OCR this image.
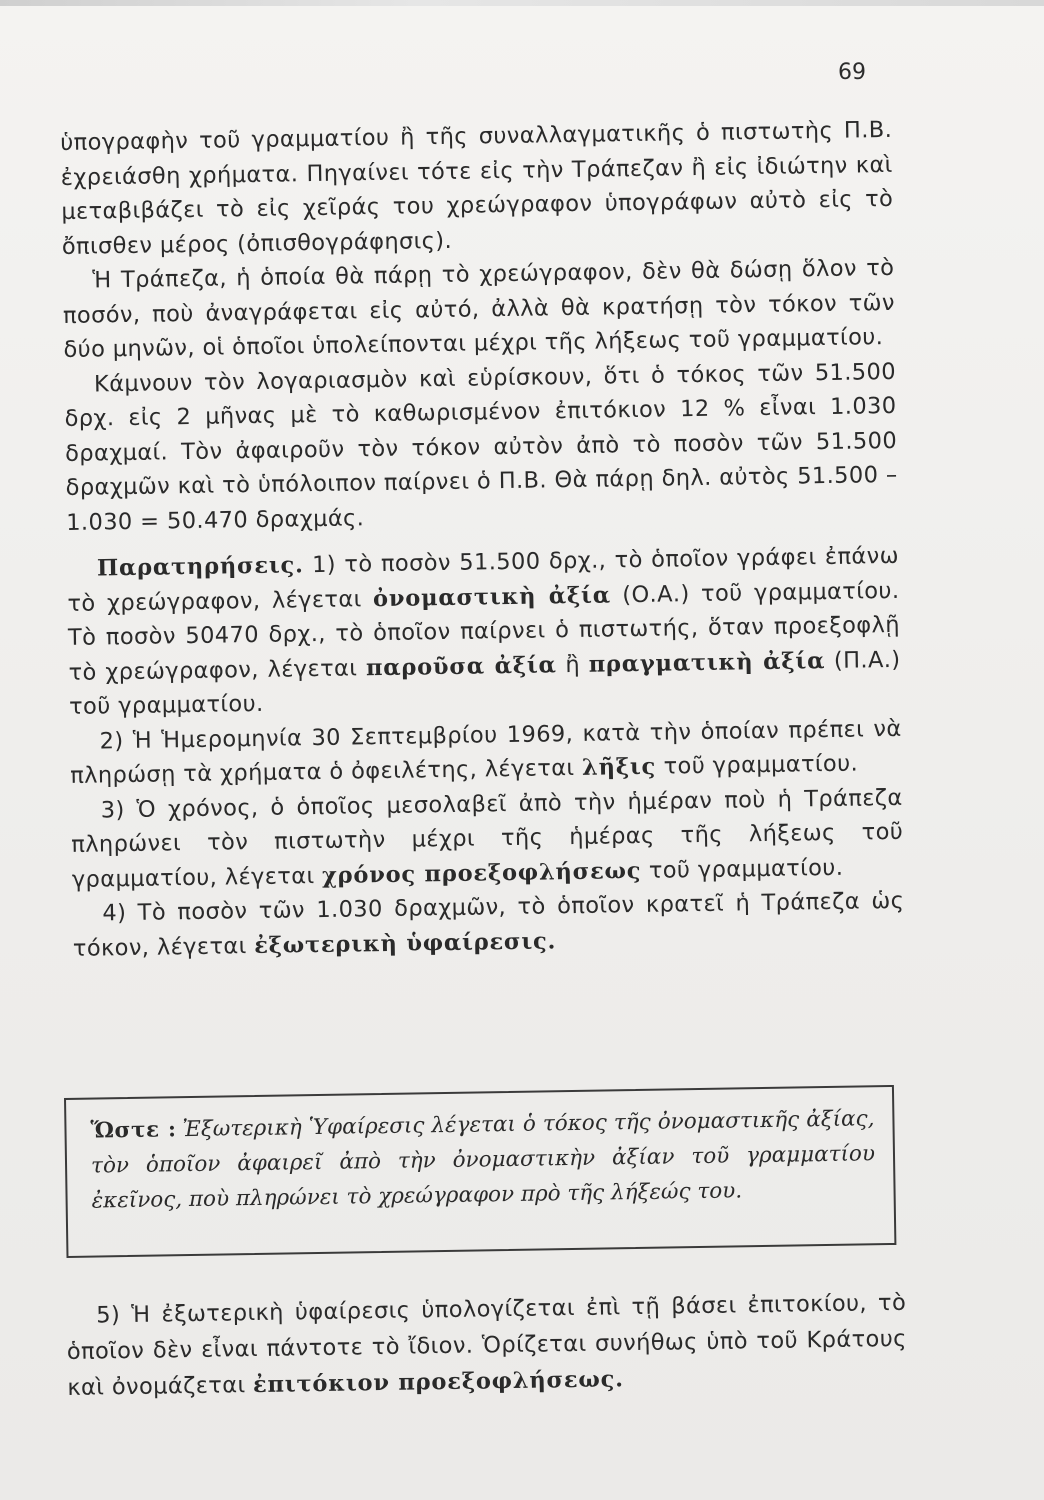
69

ὑπογραφὴν τοῦ γραμματίου ἢ τῆς συναλλαγματικῆς ὁ πιστωτὴς Π.Β. ἐχρειάσθη χρήματα. Πηγαίνει τότε εἰς τὴν Τράπεζαν ἢ εἰς ἰδιώτην καὶ μεταβιβάζει τὸ εἰς χεῖράς του χρεώγραφον ὑπογράφων αὐτὸ εἰς τὸ ὄπισθεν μέρος (ὀπισθογράφησις).

Ἡ Τράπεζα, ἡ ὁποία θὰ πάρῃ τὸ χρεώγραφον, δὲν θὰ δώσῃ ὅλον τὸ ποσόν, ποὺ ἀναγράφεται εἰς αὐτό, ἀλλὰ θὰ κρατήσῃ τὸν τόκον τῶν δύο μηνῶν, οἱ ὁποῖοι ὑπολείπονται μέχρι τῆς λήξεως τοῦ γραμματίου.

Κάμνουν τὸν λογαριασμὸν καὶ εὑρίσκουν, ὅτι ὁ τόκος τῶν 51.500 δρχ. εἰς 2 μῆνας μὲ τὸ καθωρισμένον ἐπιτόκιον 12 % εἶναι 1.030 δραχμαί. Τὸν ἀφαιροῦν τὸν τόκον αὐτὸν ἀπὸ τὸ ποσὸν τῶν 51.500 δραχμῶν καὶ τὸ ὑπόλοιπον παίρνει ὁ Π.Β. Θὰ πάρῃ δηλ. αὐτὸς 51.500 – 1.030 = 50.470 δραχμάς.

Παρατηρήσεις. 1) τὸ ποσὸν 51.500 δρχ., τὸ ὁποῖον γράφει ἐπάνω τὸ χρεώγραφον, λέγεται ὀνομαστικὴ ἀξία (Ο.Α.) τοῦ γραμματίου. Τὸ ποσὸν 50470 δρχ., τὸ ὁποῖον παίρνει ὁ πιστωτής, ὅταν προεξοφλῇ τὸ χρεώγραφον, λέγεται παροῦσα ἀξία ἢ πραγματικὴ ἀξία (Π.Α.) τοῦ γραμματίου.

2) Ἡ Ἡμερομηνία 30 Σεπτεμβρίου 1969, κατὰ τὴν ὁποίαν πρέπει νὰ πληρώσῃ τὰ χρήματα ὁ ὀφειλέτης, λέγεται λῆξις τοῦ γραμματίου.

3) Ὁ χρόνος, ὁ ὁποῖος μεσολαβεῖ ἀπὸ τὴν ἡμέραν ποὺ ἡ Τράπεζα πληρώνει τὸν πιστωτὴν μέχρι τῆς ἡμέρας τῆς λήξεως τοῦ γραμματίου, λέγεται χρόνος προεξοφλήσεως τοῦ γραμματίου.

4) Τὸ ποσὸν τῶν 1.030 δραχμῶν, τὸ ὁποῖον κρατεῖ ἡ Τράπεζα ὡς τόκον, λέγεται ἐξωτερικὴ ὑφαίρεσις.

Ὥστε : Ἐξωτερικὴ Ὑφαίρεσις λέγεται ὁ τόκος τῆς ὀνομαστικῆς ἀξίας, τὸν ὁποῖον ἀφαιρεῖ ἀπὸ τὴν ὀνομαστικὴν ἀξίαν τοῦ γραμματίου ἐκεῖνος, ποὺ πληρώνει τὸ χρεώγραφον πρὸ τῆς λήξεώς του.

5) Ἡ ἐξωτερικὴ ὑφαίρεσις ὑπολογίζεται ἐπὶ τῇ βάσει ἐπιτοκίου, τὸ ὁποῖον δὲν εἶναι πάντοτε τὸ ἴδιον. Ὁρίζεται συνήθως ὑπὸ τοῦ Κράτους καὶ ὀνομάζεται ἐπιτόκιον προεξοφλήσεως.
